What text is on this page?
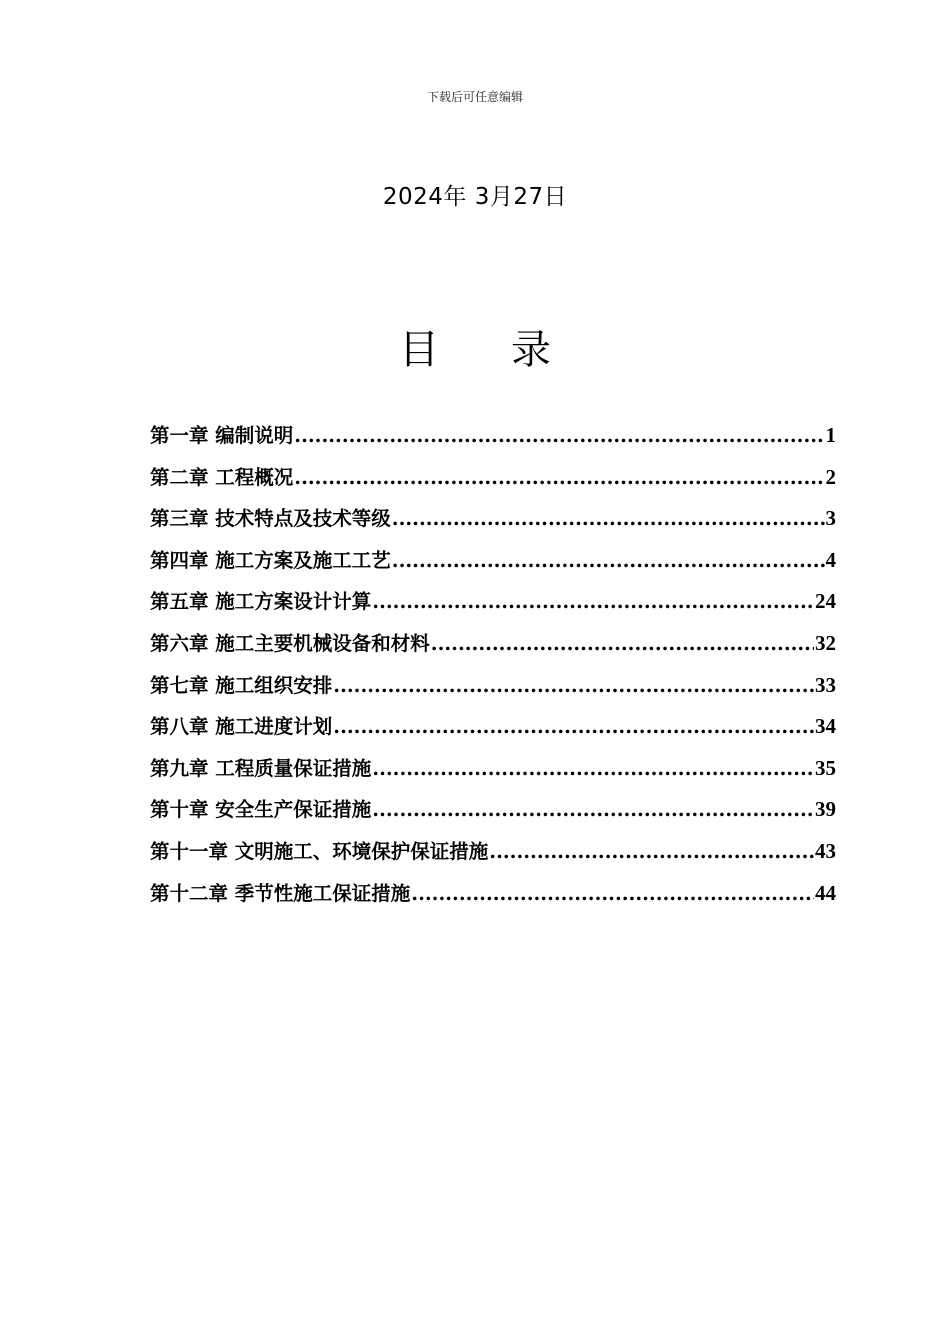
下载后可任意编辑
2024年 3月27日
目 录
第一章 编制说明 .....	1
第二章 工程概况 .....	2
第三章 技术特点及技术等级 .....	3
第四章 施工方案及施工工艺 .....	4
第五章 施工方案设计计算 .....	24
第六章 施工主要机械设备和材料 .....	32
第七章 施工组织安排 .....	33
第八章 施工进度计划 .....	34
第九章 工程质量保证措施 .....	35
第十章 安全生产保证措施 .....	39
第十一章 文明施工、环境保护保证措施 .....	43
第十二章 季节性施工保证措施 .....	44
